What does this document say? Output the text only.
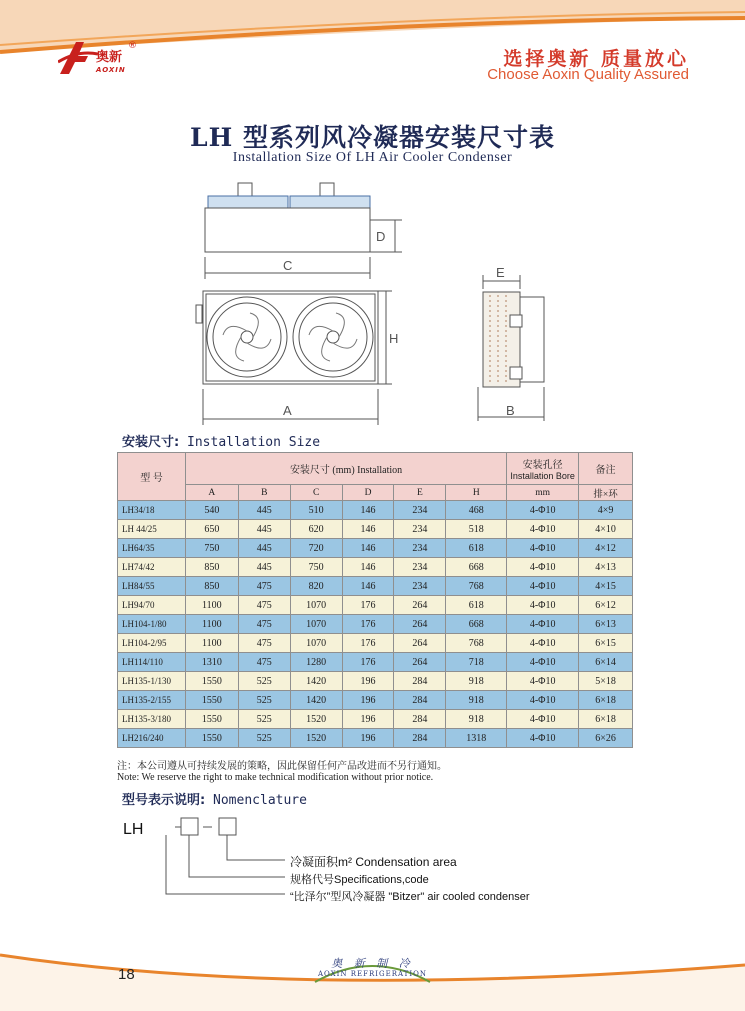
奥新
®
AOXIN	选择奥新 质量放心
Choose Aoxin Quality Assured
LH 型系列风冷凝器安装尺寸表
Installation Size Of LH Air Cooler Condenser
C
D
H
A
E
B
安装尺寸: Installation Size
型 号	安装尺寸 (mm) Installation						安装孔径
Installation Bore	备注
	A	B	C	D	E	H	mm	排×环
LH34/18	540	445	510	146	234	468	4-Φ10	4×9
LH 44/25	650	445	620	146	234	518	4-Φ10	4×10
LH64/35	750	445	720	146	234	618	4-Φ10	4×12
LH74/42	850	445	750	146	234	668	4-Φ10	4×13
LH84/55	850	475	820	146	234	768	4-Φ10	4×15
LH94/70	1100	475	1070	176	264	618	4-Φ10	6×12
LH104-1/80	1100	475	1070	176	264	668	4-Φ10	6×13
LH104-2/95	1100	475	1070	176	264	768	4-Φ10	6×15
LH114/110	1310	475	1280	176	264	718	4-Φ10	6×14
LH135-1/130	1550	525	1420	196	284	918	4-Φ10	5×18
LH135-2/155	1550	525	1420	196	284	918	4-Φ10	6×18
LH135-3/180	1550	525	1520	196	284	918	4-Φ10	6×18
LH216/240	1550	525	1520	196	284	1318	4-Φ10	6×26
注：本公司遵从可持续发展的策略，因此保留任何产品改进而不另行通知。
Note: We reserve the right to make technical modification without prior notice.
型号表示说明: Nomenclature
LH
冷凝面积m² Condensation area
规格代号Specifications,code
“比泽尔”型风冷凝器 "Bitzer" air cooled condenser
18
奥 新 制 冷
AOXIN REFRIGERATION
